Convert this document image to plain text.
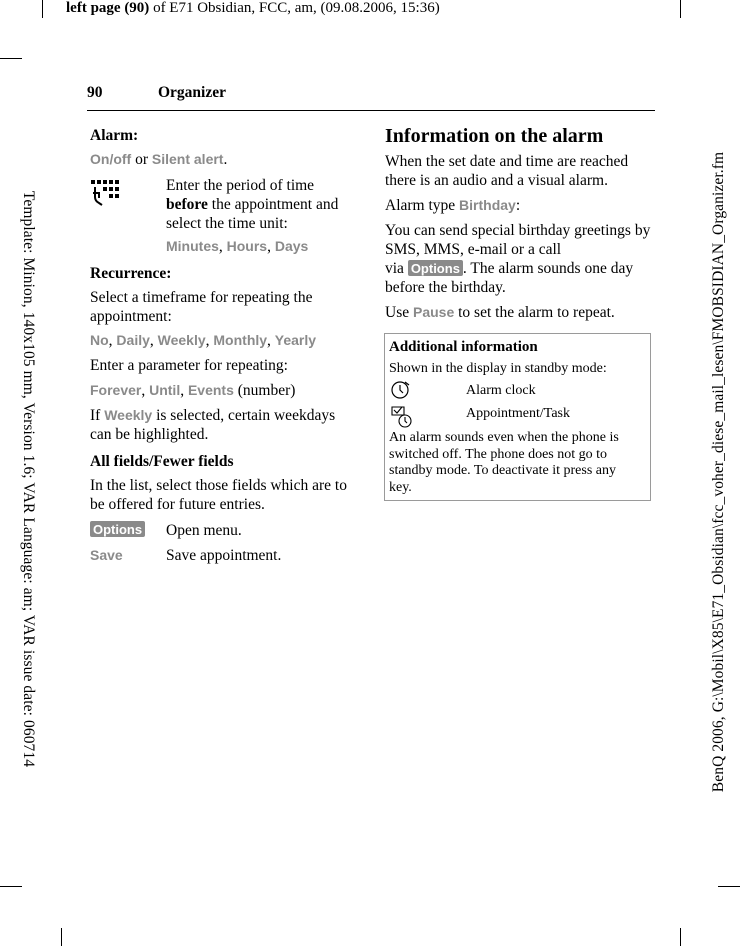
left page (90) of E71 Obsidian, FCC, am, (09.08.2006, 15:36)
Template: Minion, 140x105 mm, Version 1.6; VAR Language: am; VAR issue date: 060714	BenQ 2006, G:\Mobil\X85\E71_Obsidian\fcc_voher_diese_mail_lesen\FMOBSIDIAN_Organizer.fm
90	Organizer

Alarm:

On/off or Silent alert.

Enter the period of time before the appointment and select the time unit:

Minutes, Hours, Days

Recurrence:

Select a timeframe for repeating the appointment:

No, Daily, Weekly, Monthly, Yearly

Enter a parameter for repeating:

Forever, Until, Events (number)

If Weekly is selected, certain weekdays can be highlighted.

All fields/Fewer fields

In the list, select those fields which are to be offered for future entries.

Options Open menu.
Save	Save appointment.

Information on the alarm

When the set date and time are reached there is an audio and a visual alarm.

Alarm type Birthday:

You can send special birthday greetings by SMS, MMS, e-mail or a call
via Options . The alarm sounds one day before the birthday.

Use Pause to set the alarm to repeat.

Additional information
Shown in the display in standby mode:
Alarm clock
Appointment/Task
An alarm sounds even when the phone is switched off. The phone does not go to standby mode. To deactivate it press any key.
